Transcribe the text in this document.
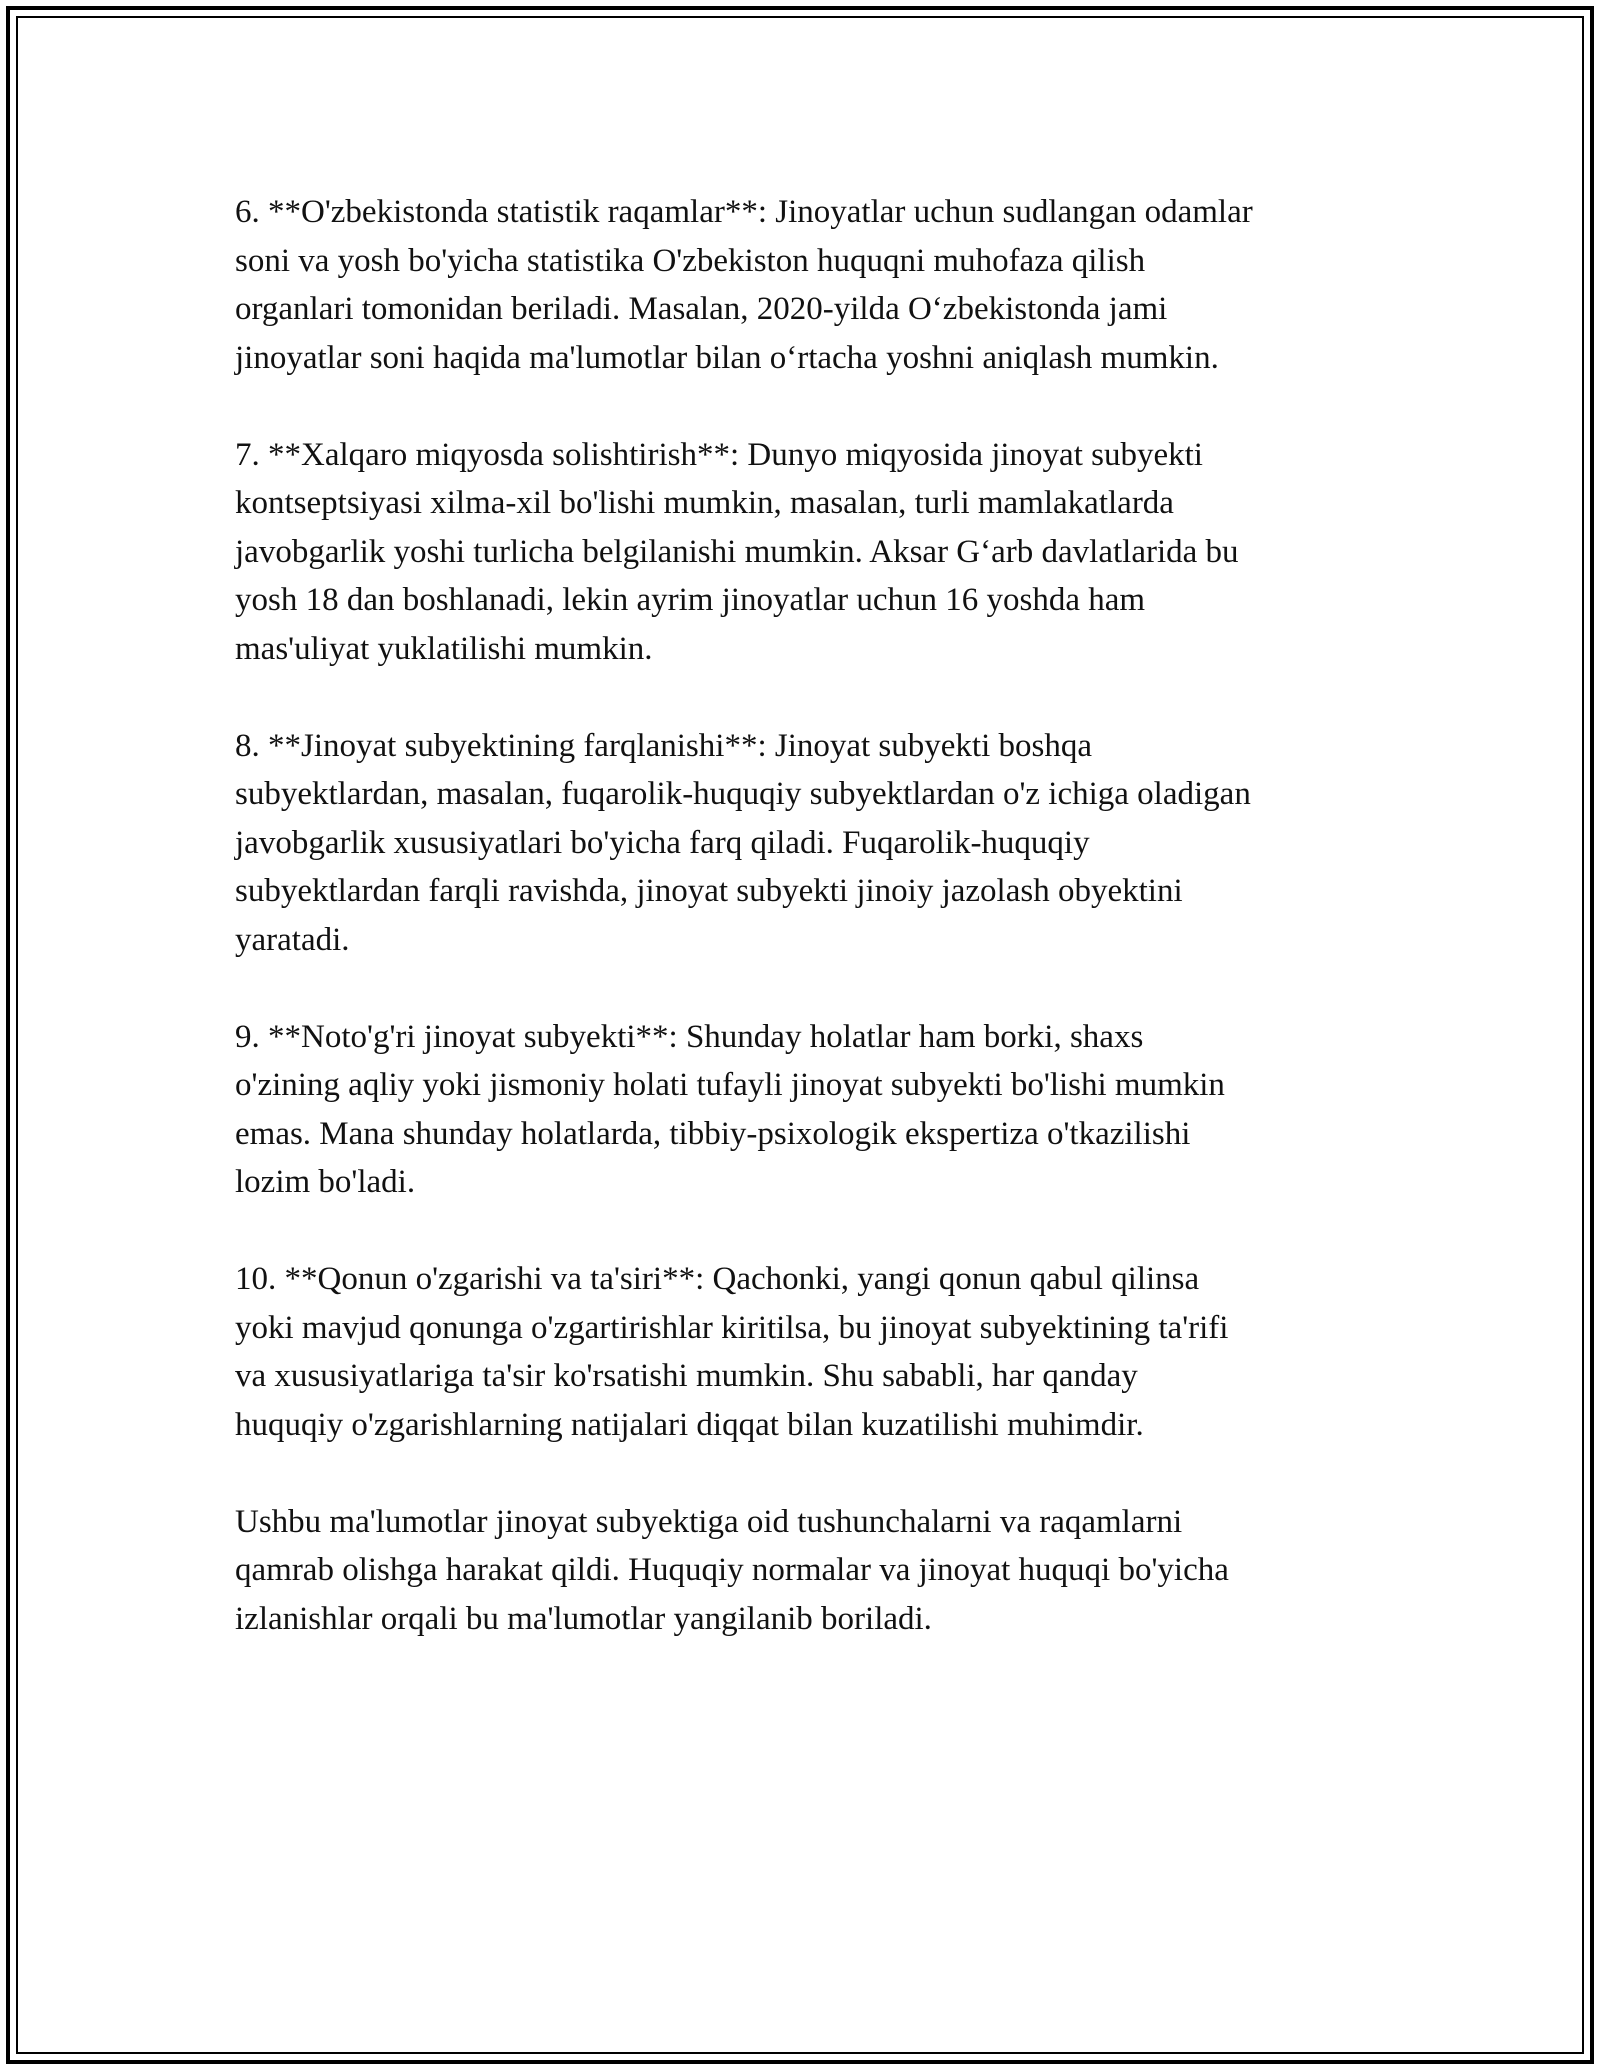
6. **O'zbekistonda statistik raqamlar**: Jinoyatlar uchun sudlangan odamlar
soni va yosh bo'yicha statistika O'zbekiston huquqni muhofaza qilish
organlari tomonidan beriladi. Masalan, 2020-yilda O‘zbekistonda jami
jinoyatlar soni haqida ma'lumotlar bilan o‘rtacha yoshni aniqlash mumkin.

7. **Xalqaro miqyosda solishtirish**: Dunyo miqyosida jinoyat subyekti
kontseptsiyasi xilma-xil bo'lishi mumkin, masalan, turli mamlakatlarda
javobgarlik yoshi turlicha belgilanishi mumkin. Aksar G‘arb davlatlarida bu
yosh 18 dan boshlanadi, lekin ayrim jinoyatlar uchun 16 yoshda ham
mas'uliyat yuklatilishi mumkin.

8. **Jinoyat subyektining farqlanishi**: Jinoyat subyekti boshqa
subyektlardan, masalan, fuqarolik-huquqiy subyektlardan o'z ichiga oladigan
javobgarlik xususiyatlari bo'yicha farq qiladi. Fuqarolik-huquqiy
subyektlardan farqli ravishda, jinoyat subyekti jinoiy jazolash obyektini
yaratadi.

9. **Noto'g'ri jinoyat subyekti**: Shunday holatlar ham borki, shaxs
o'zining aqliy yoki jismoniy holati tufayli jinoyat subyekti bo'lishi mumkin
emas. Mana shunday holatlarda, tibbiy-psixologik ekspertiza o'tkazilishi
lozim bo'ladi.

10. **Qonun o'zgarishi va ta'siri**: Qachonki, yangi qonun qabul qilinsa
yoki mavjud qonunga o'zgartirishlar kiritilsa, bu jinoyat subyektining ta'rifi
va xususiyatlariga ta'sir ko'rsatishi mumkin. Shu sababli, har qanday
huquqiy o'zgarishlarning natijalari diqqat bilan kuzatilishi muhimdir.

Ushbu ma'lumotlar jinoyat subyektiga oid tushunchalarni va raqamlarni
qamrab olishga harakat qildi. Huquqiy normalar va jinoyat huquqi bo'yicha
izlanishlar orqali bu ma'lumotlar yangilanib boriladi.
